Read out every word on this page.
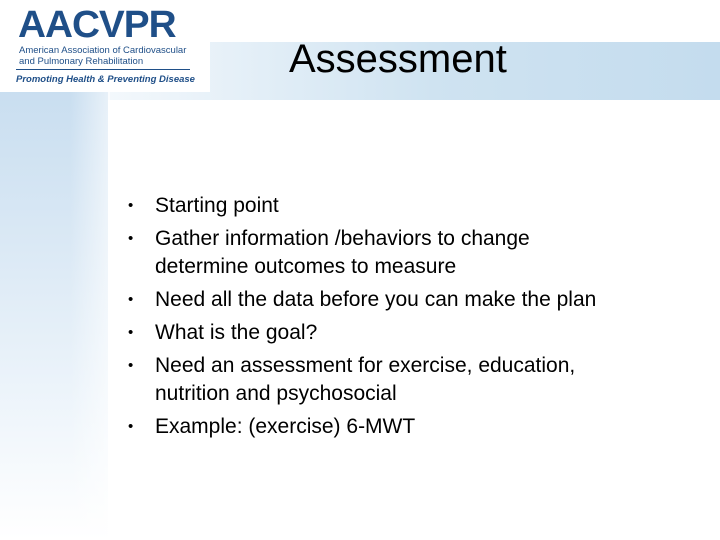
AACVPR
American Association of Cardiovascular
and Pulmonary Rehabilitation
Promoting Health & Preventing Disease Assessment
• Starting point
• Gather information /behaviors to change
determine outcomes to measure
• Need all the data before you can make the plan
• What is the goal?
• Need an assessment for exercise, education,
nutrition and psychosocial
• Example: (exercise) 6-MWT
